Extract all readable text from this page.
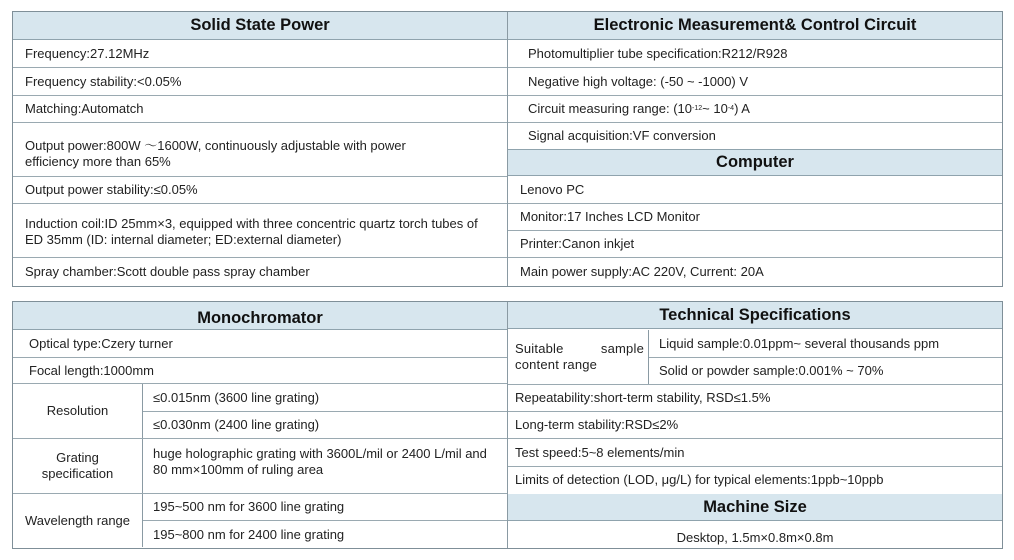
Solid State Power	Electronic Measurement& Control Circuit
Frequency:27.12MHz
Frequency stability:<0.05%
Matching:Automatch
Output power:800W ～1600W, continuously adjustable with power efficiency more than 65%
Output power stability:≤0.05%
Induction coil:ID 25mm×3, equipped with three concentric quartz torch tubes of ED 35mm (ID: internal diameter; ED:external diameter)
Spray chamber:Scott double pass spray chamber
Photomultiplier tube specification:R212/R928
Negative high voltage: (-50 ~ -1000) V
Circuit measuring range: (10 -12 ~ 10 -4 ) A
Signal acquisition:VF conversion
Computer
Lenovo PC
Monitor:17 Inches LCD Monitor
Printer:Canon inkjet
Main power supply:AC 220V, Current: 20A
Monochromator	Technical Specifications
Optical type:Czery turner
Focal length:1000mm
Resolution
≤0.015nm (3600 line grating)
≤0.030nm (2400 line grating)
Grating specification
huge holographic grating with 3600L/mil or 2400 L/mil and 80 mm×100mm of ruling area
Wavelength range
195~500 nm for 3600 line grating
195~800 nm for 2400 line grating
Suitable sample content range
Liquid sample:0.01ppm~ several thousands ppm
Solid or powder sample:0.001% ~ 70%
Repeatability:short-term stability, RSD≤1.5%
Long-term stability:RSD≤2%
Test speed:5~8 elements/min
Limits of detection (LOD, μg/L) for typical elements:1ppb~10ppb
Machine Size
Desktop, 1.5m×0.8m×0.8m
